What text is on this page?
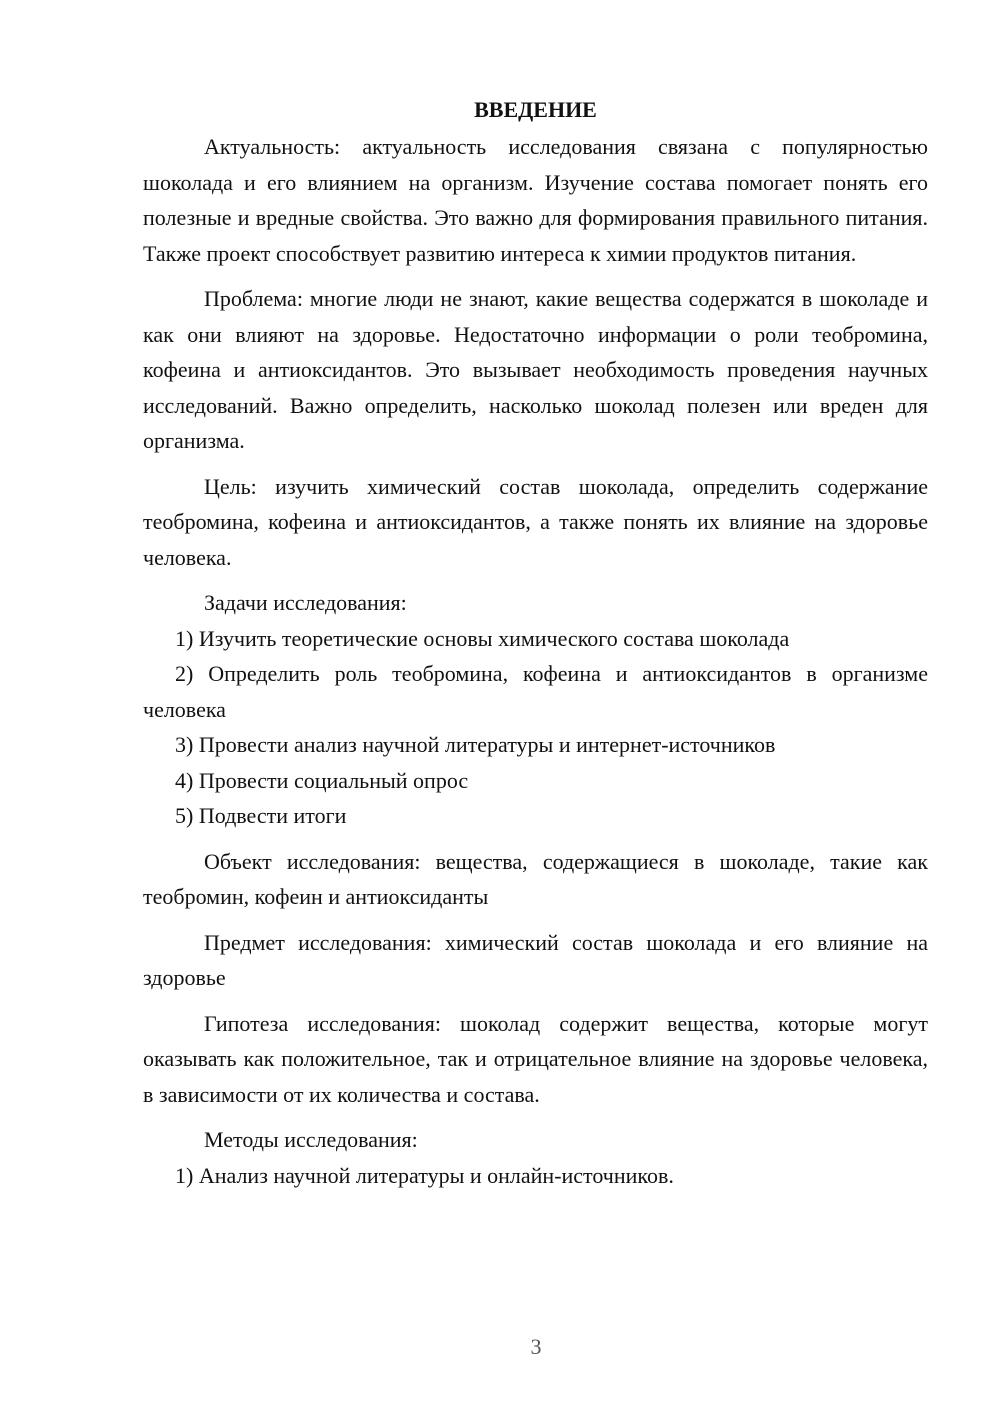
ВВЕДЕНИЕ

Актуальность: актуальность исследования связана с популярностью шоколада и его влиянием на организм. Изучение состава помогает понять его полезные и вредные свойства. Это важно для формирования правильного питания. Также проект способствует развитию интереса к химии продуктов питания.

Проблема: многие люди не знают, какие вещества содержатся в шоколаде и как они влияют на здоровье. Недостаточно информации о роли теобромина, кофеина и антиоксидантов. Это вызывает необходимость проведения научных исследований. Важно определить, насколько шоколад полезен или вреден для организма.

Цель: изучить химический состав шоколада, определить содержание теобромина, кофеина и антиоксидантов, а также понять их влияние на здоровье человека.

Задачи исследования:

1) Изучить теоретические основы химического состава шоколада

2) Определить роль теобромина, кофеина и антиоксидантов в организме человека

3) Провести анализ научной литературы и интернет-источников

4) Провести социальный опрос

5) Подвести итоги

Объект исследования: вещества, содержащиеся в шоколаде, такие как теобромин, кофеин и антиоксиданты

Предмет исследования: химический состав шоколада и его влияние на здоровье

Гипотеза исследования: шоколад содержит вещества, которые могут оказывать как положительное, так и отрицательное влияние на здоровье человека, в зависимости от их количества и состава.

Методы исследования:

1) Анализ научной литературы и онлайн-источников.

3
